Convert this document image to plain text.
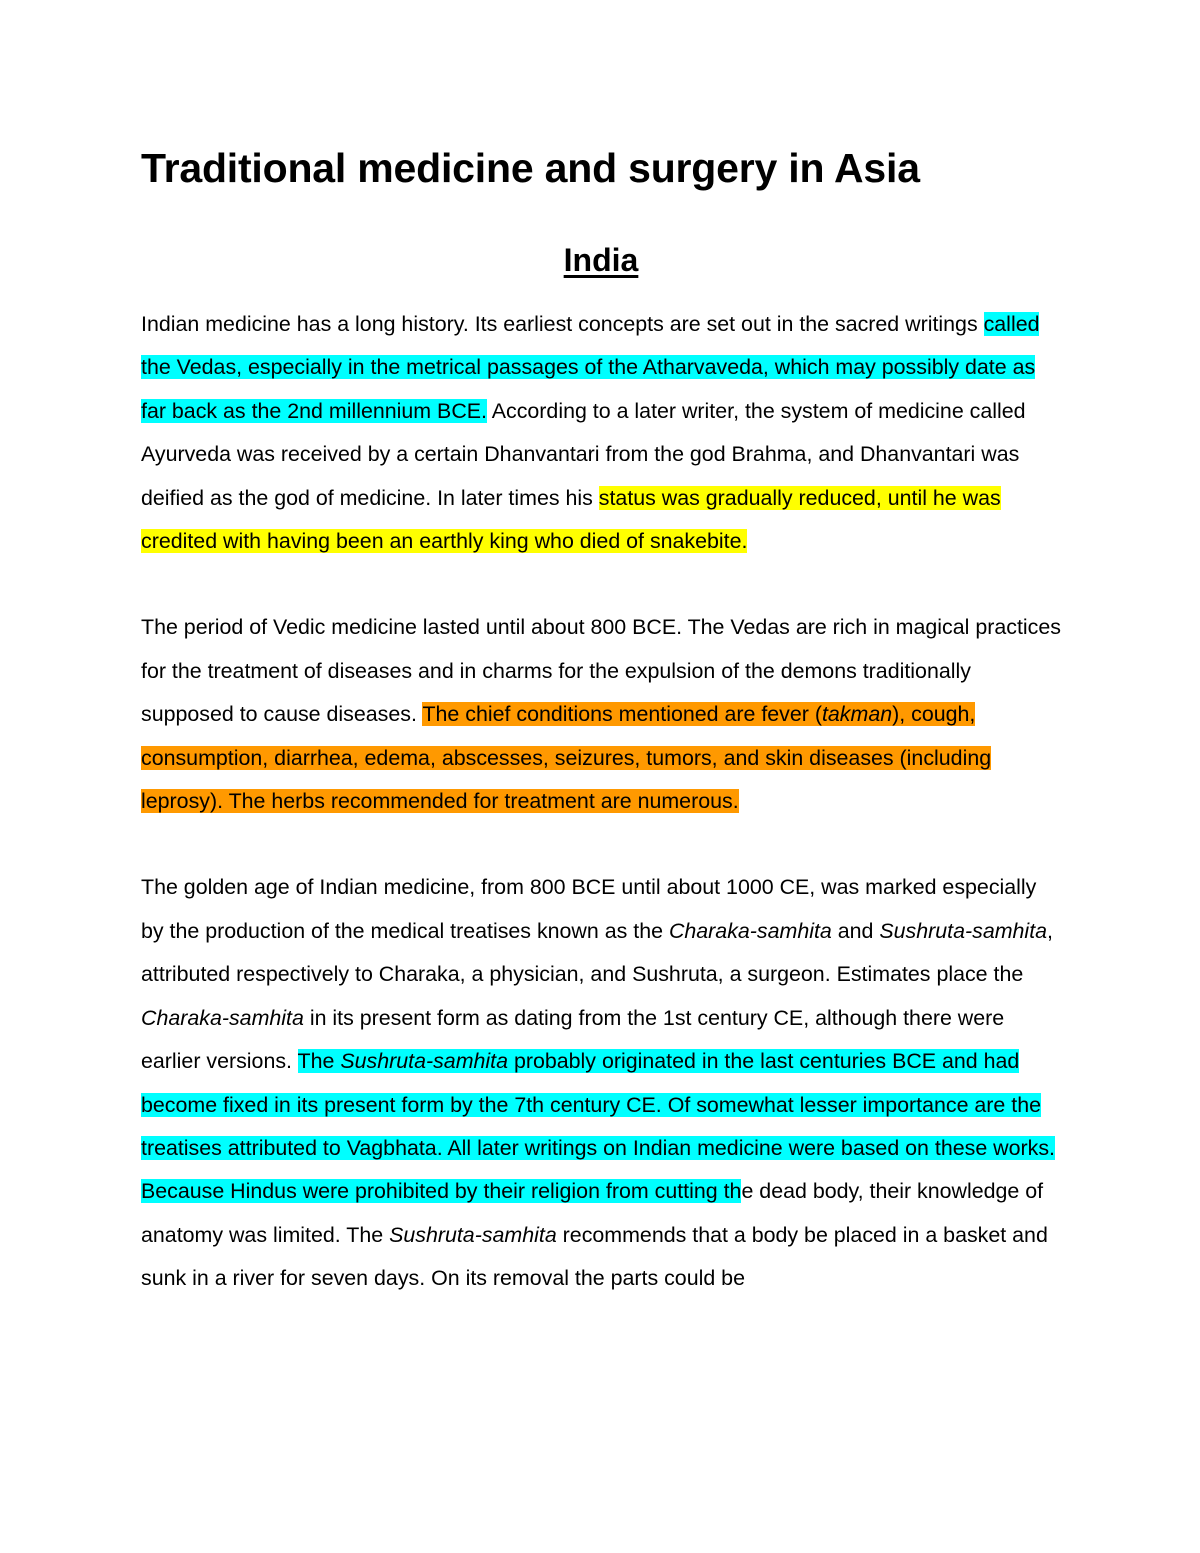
Traditional medicine and surgery in Asia
India

Indian medicine has a long history. Its earliest concepts are set out in the sacred writings called the Vedas, especially in the metrical passages of the Atharvaveda, which may possibly date as far back as the 2nd millennium BCE. According to a later writer, the system of medicine called Ayurveda was received by a certain Dhanvantari from the god Brahma, and Dhanvantari was deified as the god of medicine. In later times his status was gradually reduced, until he was credited with having been an earthly king who died of snakebite.

The period of Vedic medicine lasted until about 800 BCE. The Vedas are rich in magical practices for the treatment of diseases and in charms for the expulsion of the demons traditionally supposed to cause diseases. The chief conditions mentioned are fever (takman), cough, consumption, diarrhea, edema, abscesses, seizures, tumors, and skin diseases (including leprosy). The herbs recommended for treatment are numerous.

The golden age of Indian medicine, from 800 BCE until about 1000 CE, was marked especially by the production of the medical treatises known as the Charaka-samhita and Sushruta-samhita, attributed respectively to Charaka, a physician, and Sushruta, a surgeon. Estimates place the Charaka-samhita in its present form as dating from the 1st century CE, although there were earlier versions. The Sushruta-samhita probably originated in the last centuries BCE and had become fixed in its present form by the 7th century CE. Of somewhat lesser importance are the treatises attributed to Vagbhata. All later writings on Indian medicine were based on these works.

Because Hindus were prohibited by their religion from cutting the dead body, their knowledge of anatomy was limited. The Sushruta-samhita recommends that a body be placed in a basket and sunk in a river for seven days. On its removal the parts could be
